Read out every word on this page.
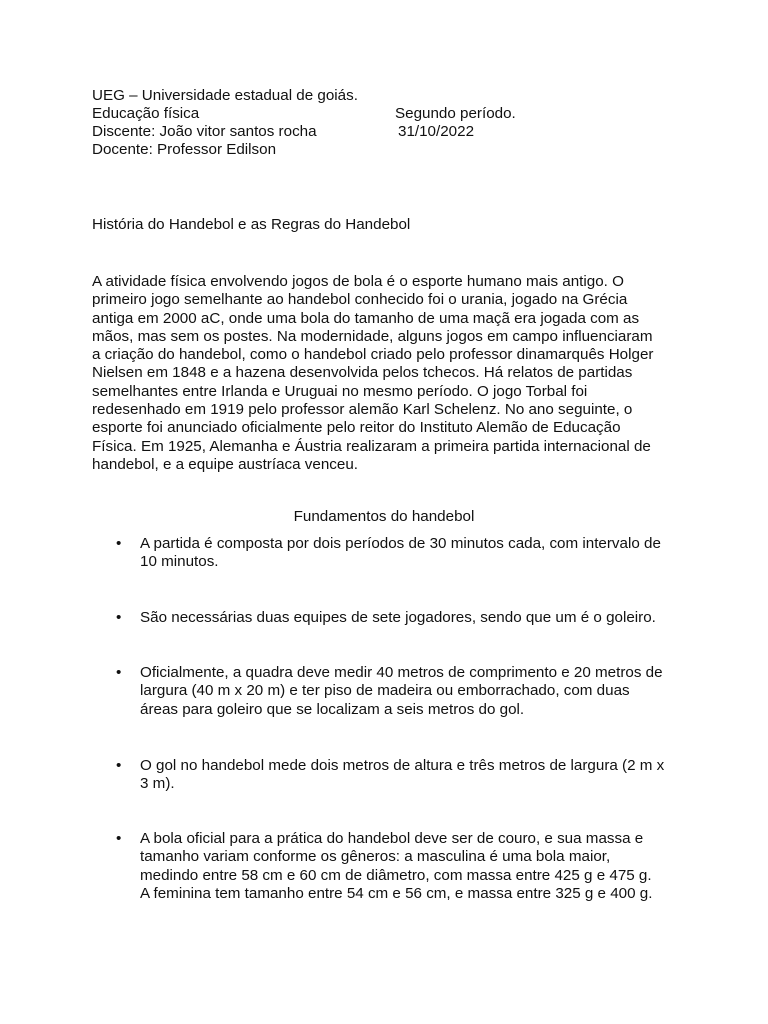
UEG – Universidade estadual de goiás.
Educação física	Segundo período.
Discente: João vitor santos rocha	31/10/2022
Docente: Professor Edilson
História do Handebol e as Regras do Handebol
A atividade física envolvendo jogos de bola é o esporte humano mais antigo. O
primeiro jogo semelhante ao handebol conhecido foi o urania, jogado na Grécia
antiga em 2000 aC, onde uma bola do tamanho de uma maçã era jogada com as
mãos, mas sem os postes. Na modernidade, alguns jogos em campo influenciaram
a criação do handebol, como o handebol criado pelo professor dinamarquês Holger
Nielsen em 1848 e a hazena desenvolvida pelos tchecos. Há relatos de partidas
semelhantes entre Irlanda e Uruguai no mesmo período. O jogo Torbal foi
redesenhado em 1919 pelo professor alemão Karl Schelenz. No ano seguinte, o
esporte foi anunciado oficialmente pelo reitor do Instituto Alemão de Educação
Física. Em 1925, Alemanha e Áustria realizaram a primeira partida internacional de
handebol, e a equipe austríaca venceu.
Fundamentos do handebol
•	A partida é composta por dois períodos de 30 minutos cada, com intervalo de
10 minutos.
•	São necessárias duas equipes de sete jogadores, sendo que um é o goleiro.
•	Oficialmente, a quadra deve medir 40 metros de comprimento e 20 metros de
largura (40 m x 20 m) e ter piso de madeira ou emborrachado, com duas
áreas para goleiro que se localizam a seis metros do gol.
•	O gol no handebol mede dois metros de altura e três metros de largura (2 m x
3 m).
•	A bola oficial para a prática do handebol deve ser de couro, e sua massa e
tamanho variam conforme os gêneros: a masculina é uma bola maior,
medindo entre 58 cm e 60 cm de diâmetro, com massa entre 425 g e 475 g.
A feminina tem tamanho entre 54 cm e 56 cm, e massa entre 325 g e 400 g.
